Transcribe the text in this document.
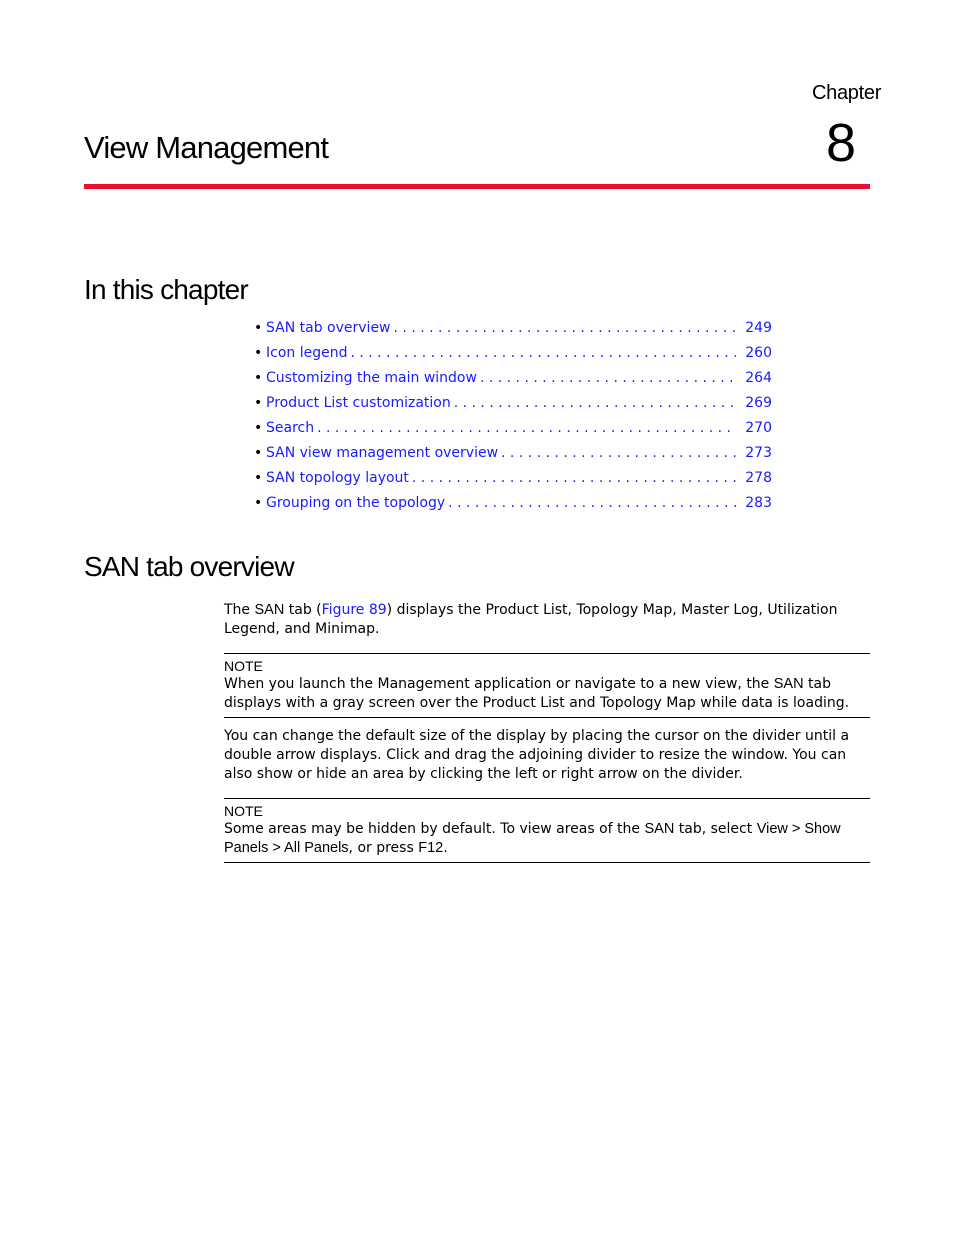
Chapter
8
View Management
In this chapter
• SAN tab overview . . .	249
• Icon legend . . .	260
• Customizing the main window . . .	264
• Product List customization . . .	269
• Search . . .	270
• SAN view management overview . . .	273
• SAN topology layout . . .	278
• Grouping on the topology . . .	283
SAN tab overview

The SAN tab (Figure 89) displays the Product List, Topology Map, Master Log, Utilization Legend, and Minimap.

NOTE

When you launch the Management application or navigate to a new view, the SAN tab displays with a gray screen over the Product List and Topology Map while data is loading.

You can change the default size of the display by placing the cursor on the divider until a double arrow displays. Click and drag the adjoining divider to resize the window. You can also show or hide an area by clicking the left or right arrow on the divider.

NOTE

Some areas may be hidden by default. To view areas of the SAN tab, select View > Show Panels > All Panels, or press F12.
